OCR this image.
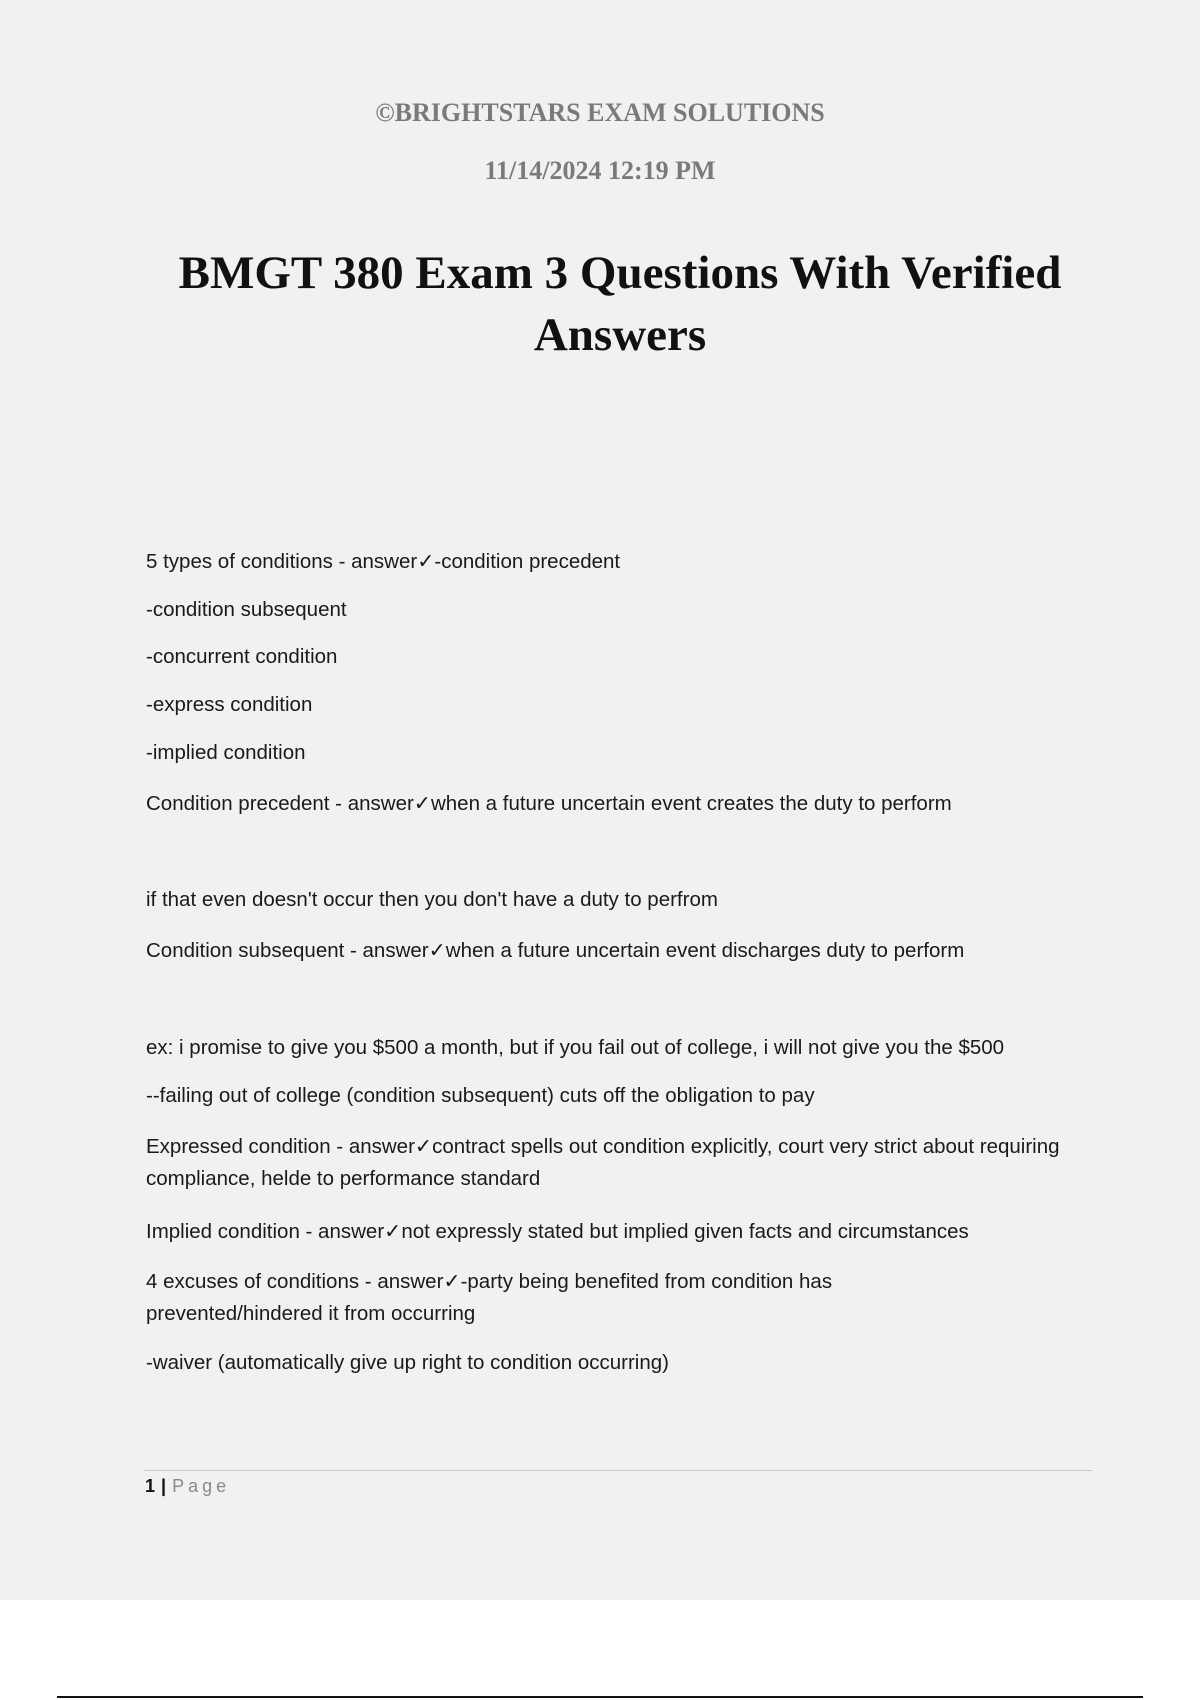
©BRIGHTSTARS EXAM SOLUTIONS
11/14/2024 12:19 PM
BMGT 380 Exam 3 Questions With Verified Answers
5 types of conditions - answer✓-condition precedent
-condition subsequent
-concurrent condition
-express condition
-implied condition
Condition precedent - answer✓when a future uncertain event creates the duty to perform
if that even doesn't occur then you don't have a duty to perfrom
Condition subsequent - answer✓when a future uncertain event discharges duty to perform
ex: i promise to give you $500 a month, but if you fail out of college, i will not give you the $500
--failing out of college (condition subsequent) cuts off the obligation to pay
Expressed condition - answer✓contract spells out condition explicitly, court very strict about requiring compliance, helde to performance standard
Implied condition - answer✓not expressly stated but implied given facts and circumstances
4 excuses of conditions - answer✓-party being benefited from condition has prevented/hindered it from occurring
-waiver (automatically give up right to condition occurring)
1 | Page
